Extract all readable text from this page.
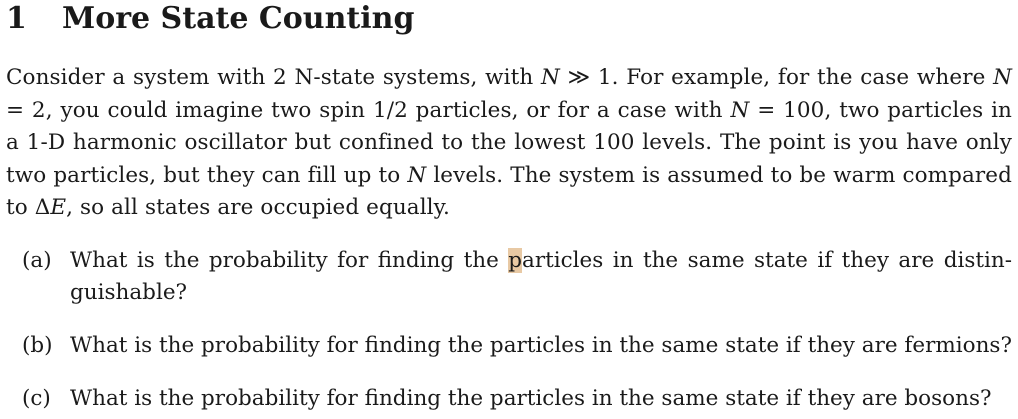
1 More State Counting
Consider a system with 2 N-state systems, with N ≫ 1. For example, for the case where N = 2, you could imagine two spin 1/2 particles, or for a case with N = 100, two particles in a 1-D harmonic oscillator but confined to the lowest 100 levels. The point is you have only two particles, but they can fill up to N levels. The system is assumed to be warm compared to ΔE, so all states are occupied equally.
(a) What is the probability for finding the particles in the same state if they are distin-guishable?
(b) What is the probability for finding the particles in the same state if they are fermions?
(c) What is the probability for finding the particles in the same state if they are bosons?
